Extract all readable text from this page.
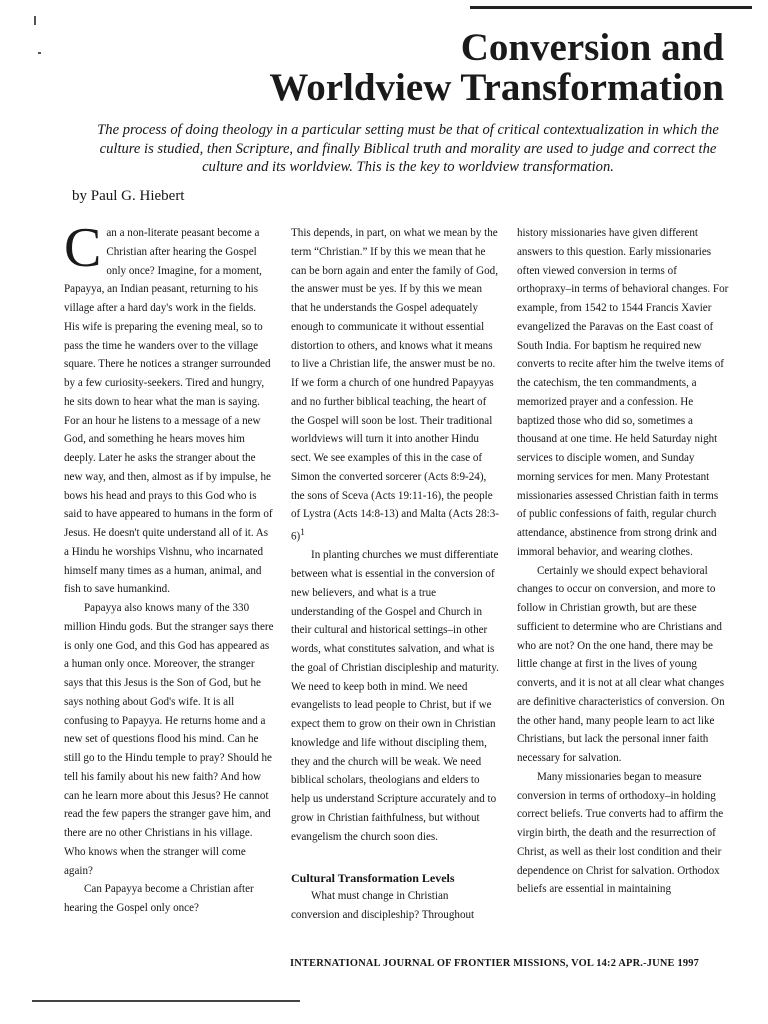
Conversion and
Worldview Transformation

The process of doing theology in a particular setting must be that of critical contextualization in which the culture is studied, then Scripture, and finally Biblical truth and morality are used to judge and correct the culture and its worldview. This is the key to worldview transformation.

by Paul G. Hiebert
C an a non-literate peasant become a Christian after hearing the Gospel only once? Imagine, for a moment, Papayya, an Indian peasant, returning to his village after a hard day's work in the fields. His wife is preparing the evening meal, so to pass the time he wanders over to the village square. There he notices a stranger surrounded by a few curiosity-seekers. Tired and hungry, he sits down to hear what the man is saying. For an hour he listens to a message of a new God, and something he hears moves him deeply. Later he asks the stranger about the new way, and then, almost as if by impulse, he bows his head and prays to this God who is said to have appeared to humans in the form of Jesus. He doesn't quite understand all of it. As a Hindu he worships Vishnu, who incarnated himself many times as a human, animal, and fish to save humankind.

Papayya also knows many of the 330 million Hindu gods. But the stranger says there is only one God, and this God has appeared as a human only once. Moreover, the stranger says that this Jesus is the Son of God, but he says nothing about God's wife. It is all confusing to Papayya. He returns home and a new set of questions flood his mind. Can he still go to the Hindu temple to pray? Should he tell his family about his new faith? And how can he learn more about this Jesus? He cannot read the few papers the stranger gave him, and there are no other Christians in his village. Who knows when the stranger will come again?

Can Papayya become a Christian after hearing the Gospel only once?

This depends, in part, on what we mean by the term “Christian.” If by this we mean that he can be born again and enter the family of God, the answer must be yes. If by this we mean that he understands the Gospel adequately enough to communicate it without essential distortion to others, and knows what it means to live a Christian life, the answer must be no. If we form a church of one hundred Papayyas and no further biblical teaching, the heart of the Gospel will soon be lost. Their traditional worldviews will turn it into another Hindu sect. We see examples of this in the case of Simon the converted sorcerer (Acts 8:9-24), the sons of Sceva (Acts 19:11-16), the people of Lystra (Acts 14:8-13) and Malta (Acts 28:3-6)$^1$

In planting churches we must differentiate between what is essential in the conversion of new believers, and what is a true understanding of the Gospel and Church in their cultural and historical settings–in other words, what constitutes salvation, and what is the goal of Christian discipleship and maturity. We need to keep both in mind. We need evangelists to lead people to Christ, but if we expect them to grow on their own in Christian knowledge and life without discipling them, they and the church will be weak. We need biblical scholars, theologians and elders to help us understand Scripture accurately and to grow in Christian faithfulness, but without evangelism the church soon dies.

Cultural Transformation Levels

What must change in Christian conversion and discipleship? Throughout

history missionaries have given different answers to this question. Early missionaries often viewed conversion in terms of orthopraxy–in terms of behavioral changes. For example, from 1542 to 1544 Francis Xavier evangelized the Paravas on the East coast of South India. For baptism he required new converts to recite after him the twelve items of the catechism, the ten commandments, a memorized prayer and a confession. He baptized those who did so, sometimes a thousand at one time. He held Saturday night services to disciple women, and Sunday morning services for men. Many Protestant missionaries assessed Christian faith in terms of public confessions of faith, regular church attendance, abstinence from strong drink and immoral behavior, and wearing clothes.

Certainly we should expect behavioral changes to occur on conversion, and more to follow in Christian growth, but are these sufficient to determine who are Christians and who are not? On the one hand, there may be little change at first in the lives of young converts, and it is not at all clear what changes are definitive characteristics of conversion. On the other hand, many people learn to act like Christians, but lack the personal inner faith necessary for salvation.

Many missionaries began to measure conversion in terms of orthodoxy–in holding correct beliefs. True converts had to affirm the virgin birth, the death and the resurrection of Christ, as well as their lost condition and their dependence on Christ for salvation. Orthodox beliefs are essential in maintaining

INTERNATIONAL JOURNAL OF FRONTIER MISSIONS, VOL 14:2 APR.-JUNE 1997
